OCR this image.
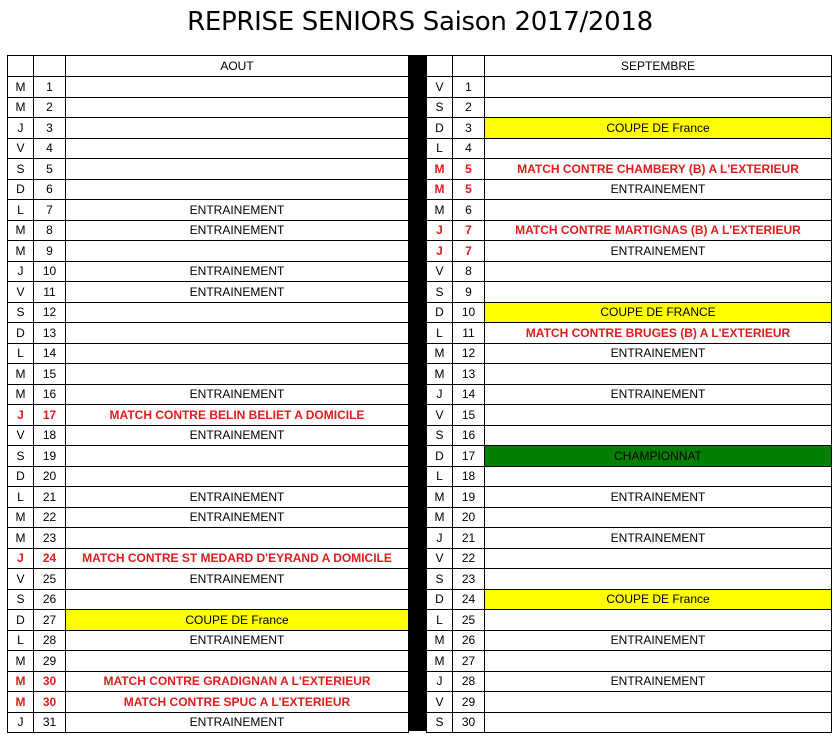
REPRISE SENIORS Saison 2017/2018
		AOUT
M	1	
M	2	
J	3	
V	4	
S	5	
D	6	
L	7	ENTRAINEMENT
M	8	ENTRAINEMENT
M	9	
J	10	ENTRAINEMENT
V	11	ENTRAINEMENT
S	12	
D	13	
L	14	
M	15	
M	16	ENTRAINEMENT
J	17	MATCH CONTRE BELIN BELIET A DOMICILE
V	18	ENTRAINEMENT
S	19	
D	20	
L	21	ENTRAINEMENT
M	22	ENTRAINEMENT
M	23	
J	24	MATCH CONTRE ST MEDARD D'EYRAND A DOMICILE
V	25	ENTRAINEMENT
S	26	
D	27	COUPE DE France
L	28	ENTRAINEMENT
M	29	
M	30	MATCH CONTRE GRADIGNAN A L'EXTERIEUR
M	30	MATCH CONTRE SPUC A L'EXTERIEUR
J	31	ENTRAINEMENT
		SEPTEMBRE
V	1	
S	2	
D	3	COUPE DE France
L	4	
M	5	MATCH CONTRE CHAMBERY (B) A L'EXTERIEUR
M	5	ENTRAINEMENT
M	6	
J	7	MATCH CONTRE MARTIGNAS (B) A L'EXTERIEUR
J	7	ENTRAINEMENT
V	8	
S	9	
D	10	COUPE DE FRANCE
L	11	MATCH CONTRE BRUGES (B) A L'EXTERIEUR
M	12	ENTRAINEMENT
M	13	
J	14	ENTRAINEMENT
V	15	
S	16	
D	17	CHAMPIONNAT
L	18	
M	19	ENTRAINEMENT
M	20	
J	21	ENTRAINEMENT
V	22	
S	23	
D	24	COUPE DE France
L	25	
M	26	ENTRAINEMENT
M	27	
J	28	ENTRAINEMENT
V	29	
S	30	
